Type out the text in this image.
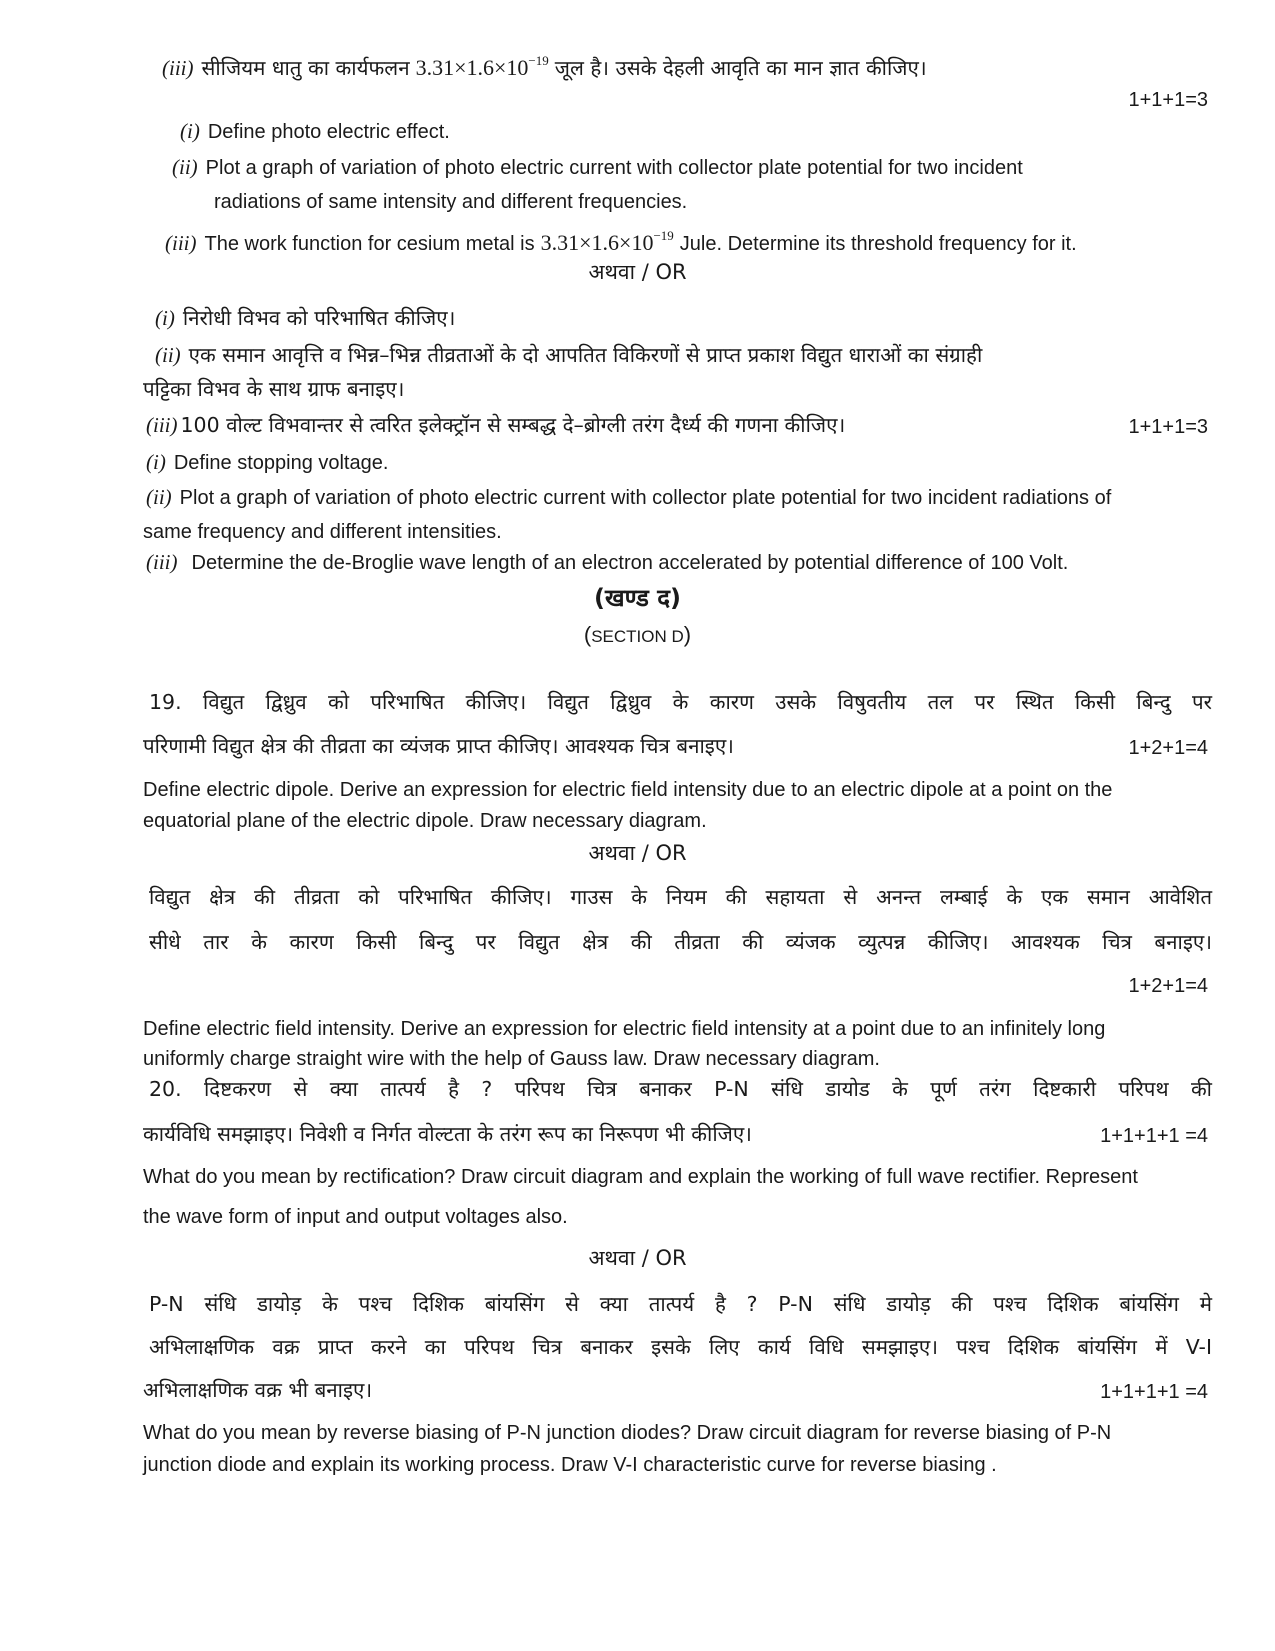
(iii) सीजियम धातु का कार्यफलन $3.31\times 1.6\times 10^{-19}$ जूल है। उसके देहली आवृति का मान ज्ञात कीजिए।
1+1+1=3
(i) Define photo electric effect.
(ii) Plot a graph of variation of photo electric current with collector plate potential for two incident
radiations of same intensity and different frequencies.
(iii) The work function for cesium metal is $3.31\times 1.6\times 10^{-19}$ Jule. Determine its threshold frequency for it.
अथवा / OR
(i) निरोधी विभव को परिभाषित कीजिए।
(ii) एक समान आवृत्ति व भिन्न–भिन्न तीव्रताओं के दो आपतित विकिरणों से प्राप्त प्रकाश विद्युत धाराओं का संग्राही
पट्टिका विभव के साथ ग्राफ बनाइए।
(iii) 100 वोल्ट विभवान्तर से त्वरित इलेक्ट्रॉन से सम्बद्ध दे–ब्रोग्ली तरंग दैर्ध्य की गणना कीजिए।	1+1+1=3
(i) Define stopping voltage.
(ii) Plot a graph of variation of photo electric current with collector plate potential for two incident radiations of
same frequency and different intensities.
(iii) Determine the de-Broglie wave length of an electron accelerated by potential difference of 100 Volt.
(खण्ड द)
(SECTION D)
19. विद्युत द्विध्रुव को परिभाषित कीजिए। विद्युत द्विध्रुव के कारण उसके विषुवतीय तल पर स्थित किसी बिन्दु पर
परिणामी विद्युत क्षेत्र की तीव्रता का व्यंजक प्राप्त कीजिए। आवश्यक चित्र बनाइए।	1+2+1=4
Define electric dipole. Derive an expression for electric field intensity due to an electric dipole at a point on the
equatorial plane of the electric dipole. Draw necessary diagram.
अथवा / OR
विद्युत क्षेत्र की तीव्रता को परिभाषित कीजिए। गाउस के नियम की सहायता से अनन्त लम्बाई के एक समान आवेशित
सीधे तार के कारण किसी बिन्दु पर विद्युत क्षेत्र की तीव्रता की व्यंजक व्युत्पन्न कीजिए। आवश्यक चित्र बनाइए।
1+2+1=4
Define electric field intensity. Derive an expression for electric field intensity at a point due to an infinitely long
uniformly charge straight wire with the help of Gauss law. Draw necessary diagram.
20. दिष्टकरण से क्या तात्पर्य है ? परिपथ चित्र बनाकर P-N संधि डायोड के पूर्ण तरंग दिष्टकारी परिपथ की
कार्यविधि समझाइए। निवेशी व निर्गत वोल्टता के तरंग रूप का निरूपण भी कीजिए।	1+1+1+1 =4
What do you mean by rectification? Draw circuit diagram and explain the working of full wave rectifier. Represent
the wave form of input and output voltages also.
अथवा / OR
P-N संधि डायोड़ के पश्च दिशिक बांयसिंग से क्या तात्पर्य है ? P-N संधि डायोड़ की पश्च दिशिक बांयसिंग मे
अभिलाक्षणिक वक्र प्राप्त करने का परिपथ चित्र बनाकर इसके लिए कार्य विधि समझाइए। पश्च दिशिक बांयसिंग में V-I
अभिलाक्षणिक वक्र भी बनाइए।	1+1+1+1 =4
What do you mean by reverse biasing of P-N junction diodes? Draw circuit diagram for reverse biasing of P-N
junction diode and explain its working process. Draw V-I characteristic curve for reverse biasing .
